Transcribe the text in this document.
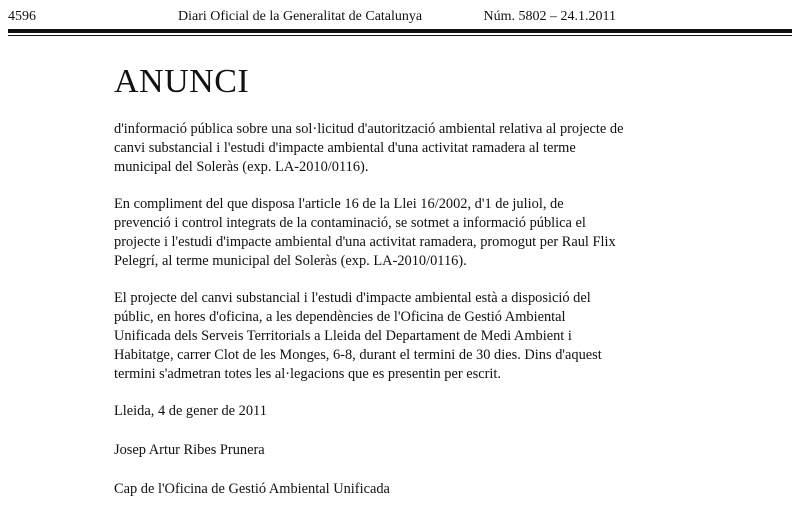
4596	Diari Oficial de la Generalitat de Catalunya	Núm. 5802 – 24.1.2011
ANUNCI
d'informació pública sobre una sol·licitud d'autorització ambiental relativa al projecte de
canvi substancial i l'estudi d'impacte ambiental d'una activitat ramadera al terme
municipal del Soleràs (exp. LA-2010/0116).
En compliment del que disposa l'article 16 de la Llei 16/2002, d'1 de juliol, de
prevenció i control integrats de la contaminació, se sotmet a informació pública el
projecte i l'estudi d'impacte ambiental d'una activitat ramadera, promogut per Raul Flix
Pelegrí, al terme municipal del Soleràs (exp. LA-2010/0116).
El projecte del canvi substancial i l'estudi d'impacte ambiental està a disposició del
públic, en hores d'oficina, a les dependències de l'Oficina de Gestió Ambiental
Unificada dels Serveis Territorials a Lleida del Departament de Medi Ambient i
Habitatge, carrer Clot de les Monges, 6-8, durant el termini de 30 dies. Dins d'aquest
termini s'admetran totes les al·legacions que es presentin per escrit.
Lleida, 4 de gener de 2011
Josep Artur Ribes Prunera
Cap de l'Oficina de Gestió Ambiental Unificada
